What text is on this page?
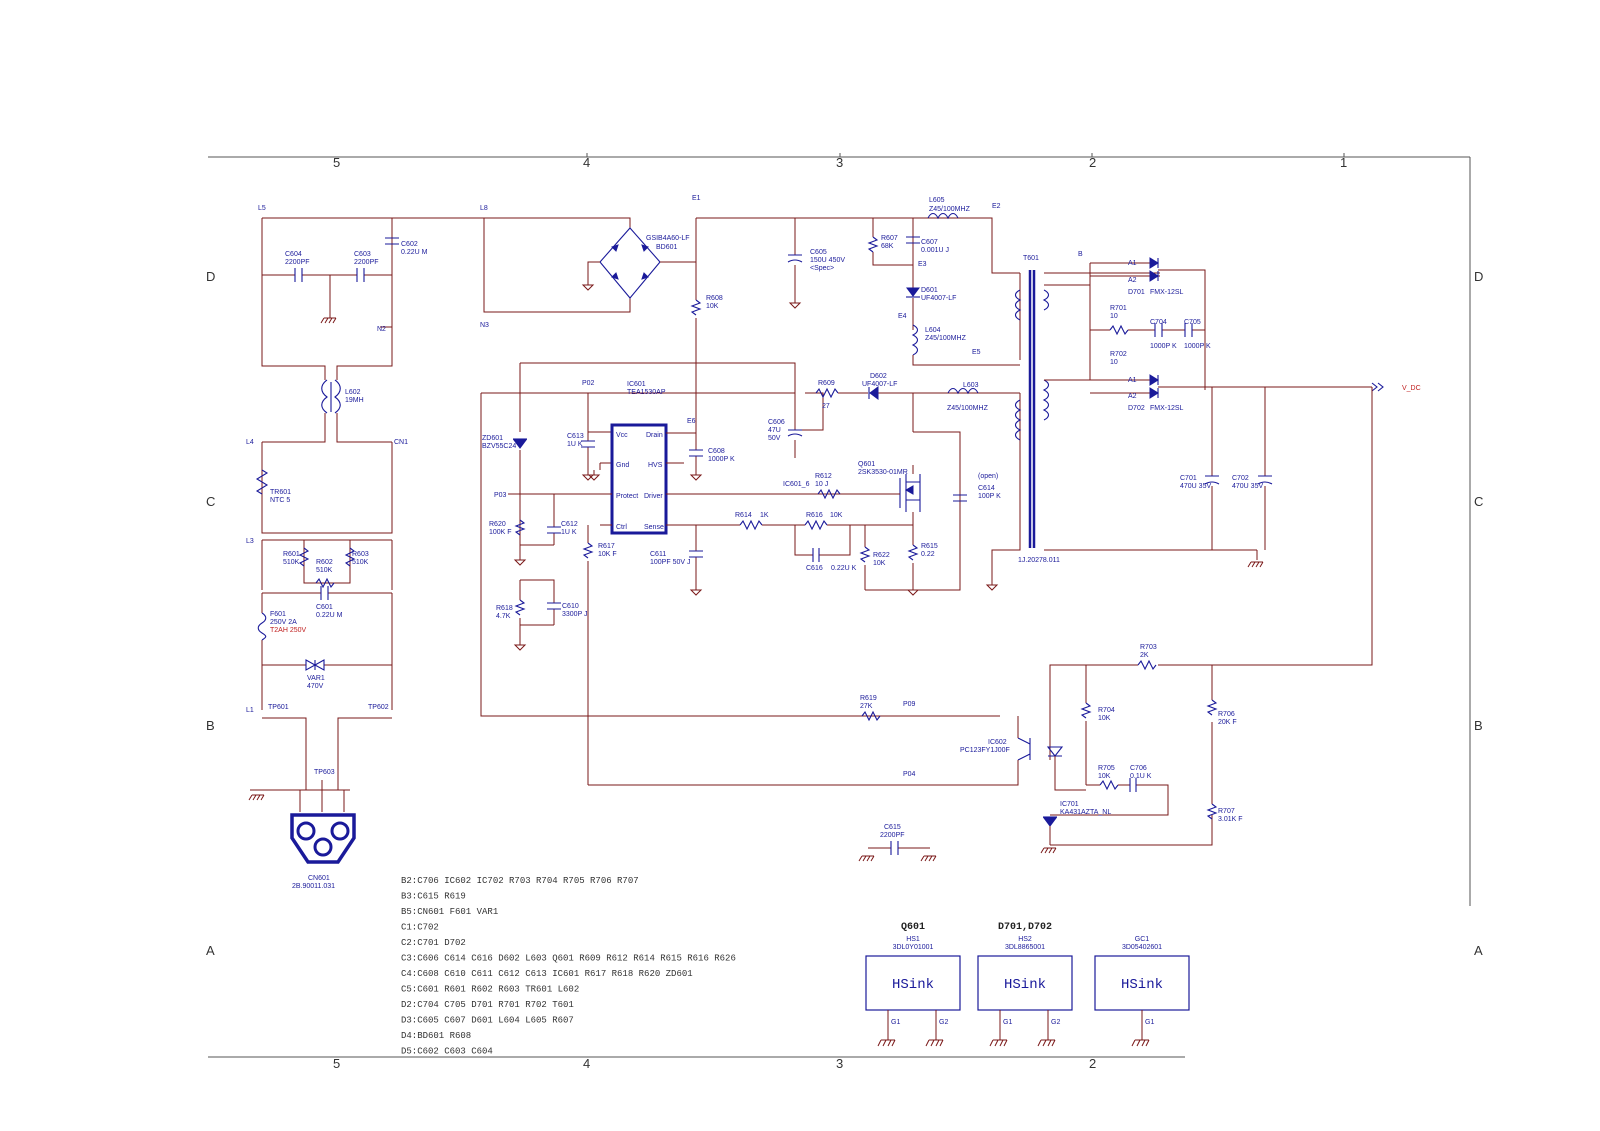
5	4	3	2	1
5	4	3	2
D
C
B
A
D
C
B
A
L5	L8
N2
N3
C604
2200PF
C603
2200PF
C602
0.22U M
L602
19MH
L4	CN1
TR601
NTC 5
L3
R601
510K R602
510K
R603
510K
C601
0.22U M
F601
250V 2A
T2AH 250V
VAR1
470V
L1 TP601	TP602
TP603
CN601
2B.90011.031
GSIB4A60-LF
BD601
R608
10K
E1
C605
150U 450V
<Spec>
R607
68K
C607
0.001U J
L605
Z45/100MHZ	E2
E3
D601
UF4007-LF
E4
L604
Z45/100MHZ
E5
T601
1J.20278.011
ZD601
BZV55C24
P02
C613
1U K
IC601
TEA1530AP
Vcc
Gnd
Protect
Ctrl
Drain
HVS
Driver
Sense
E6
C608
1000P K
C606
47U
50V
R609
27
D602
UF4007-LF	L603
Z45/100MHZ
Q601
2SK3530-01MR
R612
10 J
IC601_6
(open)
C614
100P K
P03
R620
100K F
C612
1U K
R614 1K	R616 10K
C616 0.22U K
R622
10K
R615
0.22
C611
100PF 50V J
R617
10K F
R618
4.7K
C610
3300P J
B
A1
A2
D701 FMX-12SL
R701
10
R702
10
C704
1000P K
C705
1000P K
A1
A2
D702 FMX-12SL
V_DC
C701
470U 35V
C702
470U 35V
R703
2K
R706
20K F
R704
10K
IC602
PC123FY1J00F
R619
27K	P09
P04
R705
10K
C706
0.1U K
IC701
KA431AZTA_NL	R707
3.01K F
C615
2200PF
B2:C706 IC602 IC702 R703 R704 R705 R706 R707
B3:C615 R619
B5:CN601 F601 VAR1
C1:C702
C2:C701 D702
C3:C606 C614 C616 D602 L603 Q601 R609 R612 R614 R615 R616 R626
C4:C608 C610 C611 C612 C613 IC601 R617 R618 R620 ZD601
C5:C601 R601 R602 R603 TR601 L602
D2:C704 C705 D701 R701 R702 T601
D3:C605 C607 D601 L604 L605 R607
D4:BD601 R608
D5:C602 C603 C604
Q601
HS1
3DL0Y01001
HSink
G1	G2
D701,D702
HS2
3DL8865001
HSink
G1	G2
GC1
3D05402601
HSink
G1
